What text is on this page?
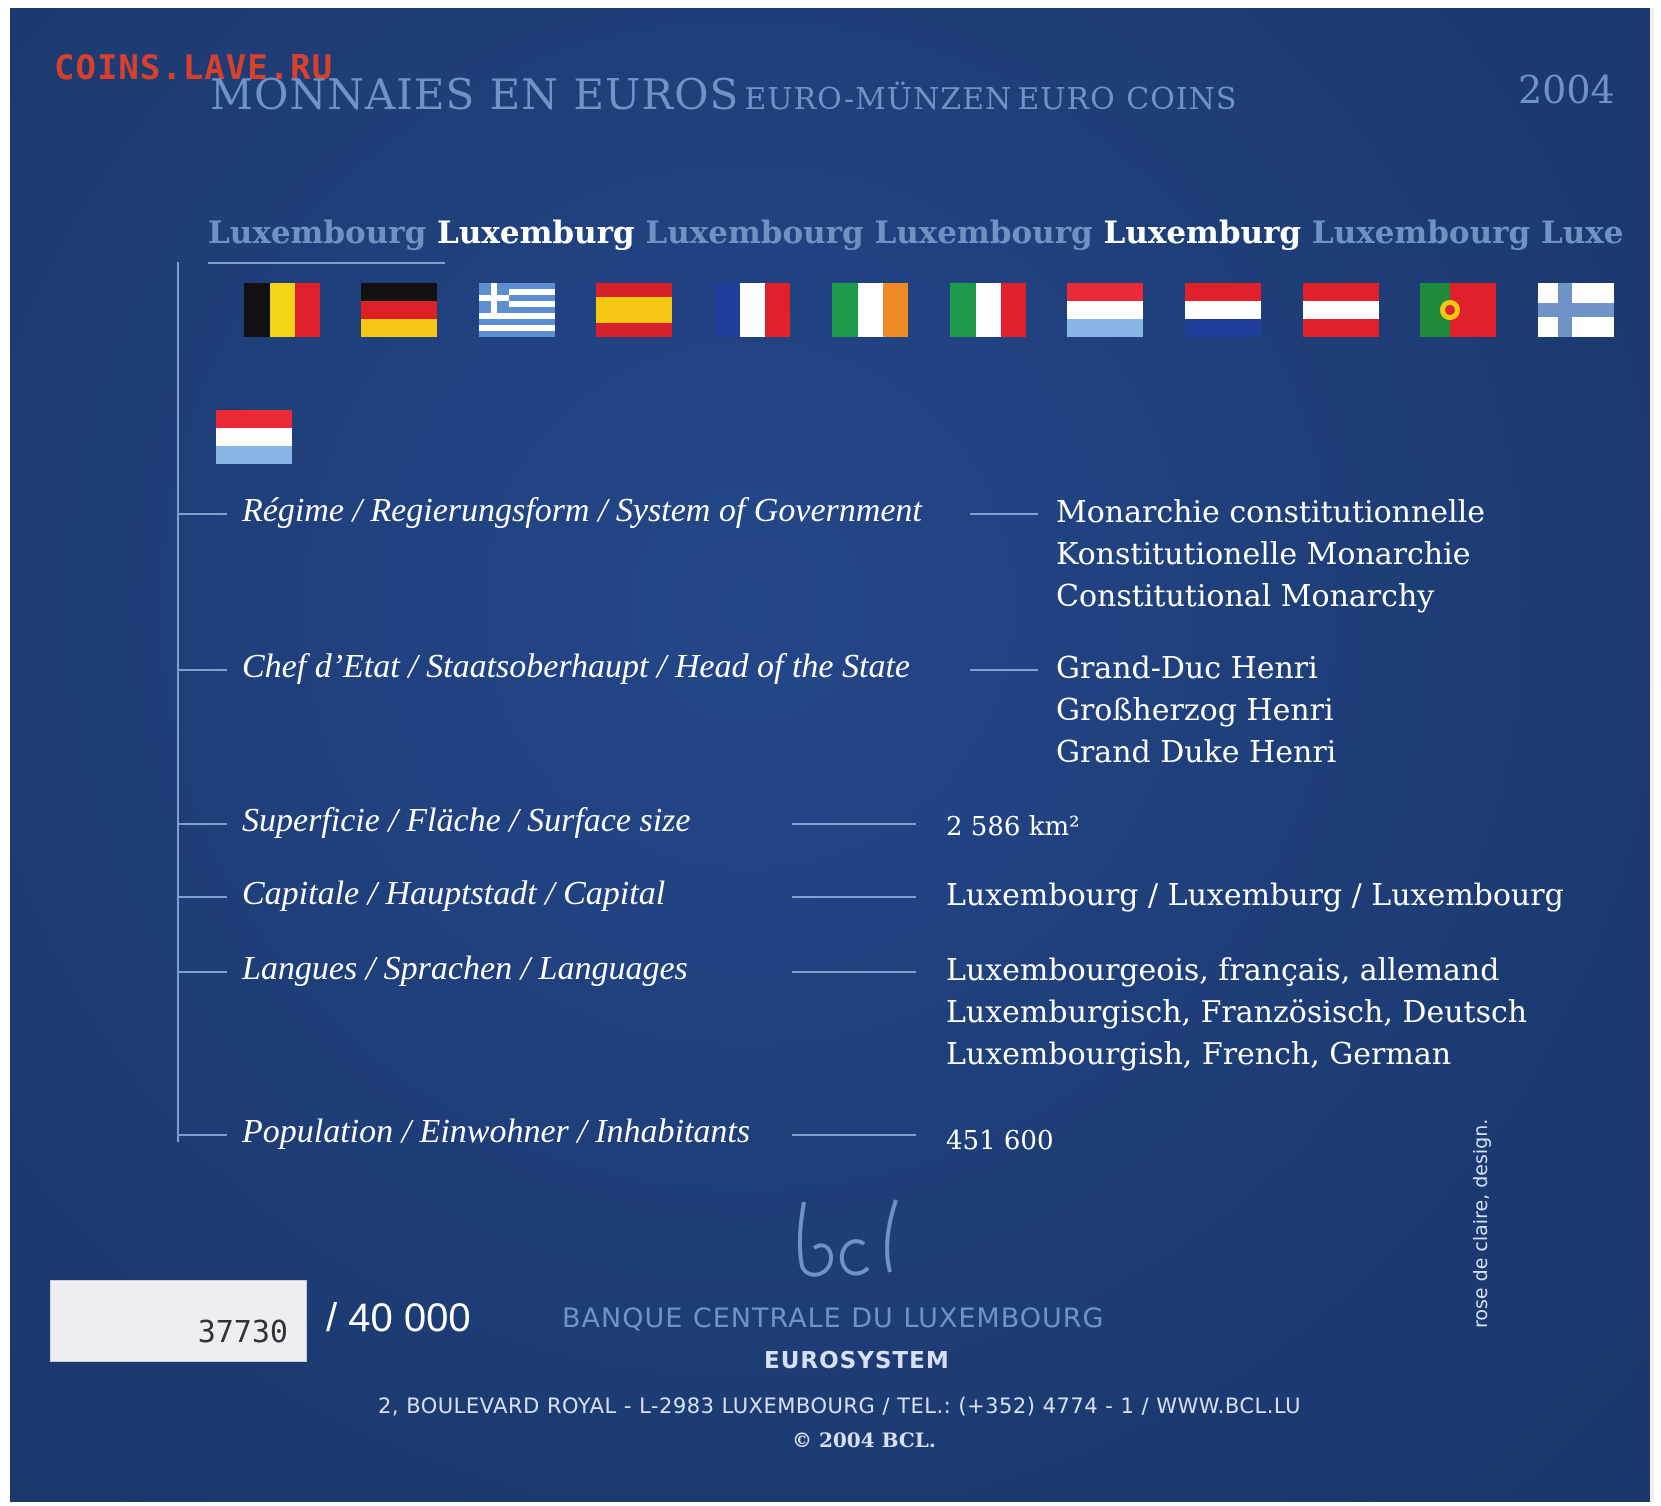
COINS.LAVE.RU
MONNAIES EN EUROS EURO-MÜNZEN EURO COINS	2004
Luxembourg Luxemburg Luxembourg Luxembourg Luxemburg Luxembourg Luxe
Régime / Regierungsform / System of Government	Monarchie constitutionnelle
Konstitutionelle Monarchie
Constitutional Monarchy
Chef d’Etat / Staatsoberhaupt / Head of the State	Grand-Duc Henri
Großherzog Henri
Grand Duke Henri
Superficie / Fläche / Surface size	2 586 km²
Capitale / Hauptstadt / Capital	Luxembourg / Luxemburg / Luxembourg
Langues / Sprachen / Languages	Luxembourgeois, français, allemand
Luxemburgisch, Französisch, Deutsch
Luxembourgish, French, German
Population / Einwohner / Inhabitants	451 600
37730 / 40 000	BANQUE CENTRALE DU LUXEMBOURG
EUROSYSTEM
2, BOULEVARD ROYAL - L-2983 LUXEMBOURG / TEL.: (+352) 4774 - 1 / WWW.BCL.LU
© 2004 BCL.
rose de claire, design.
